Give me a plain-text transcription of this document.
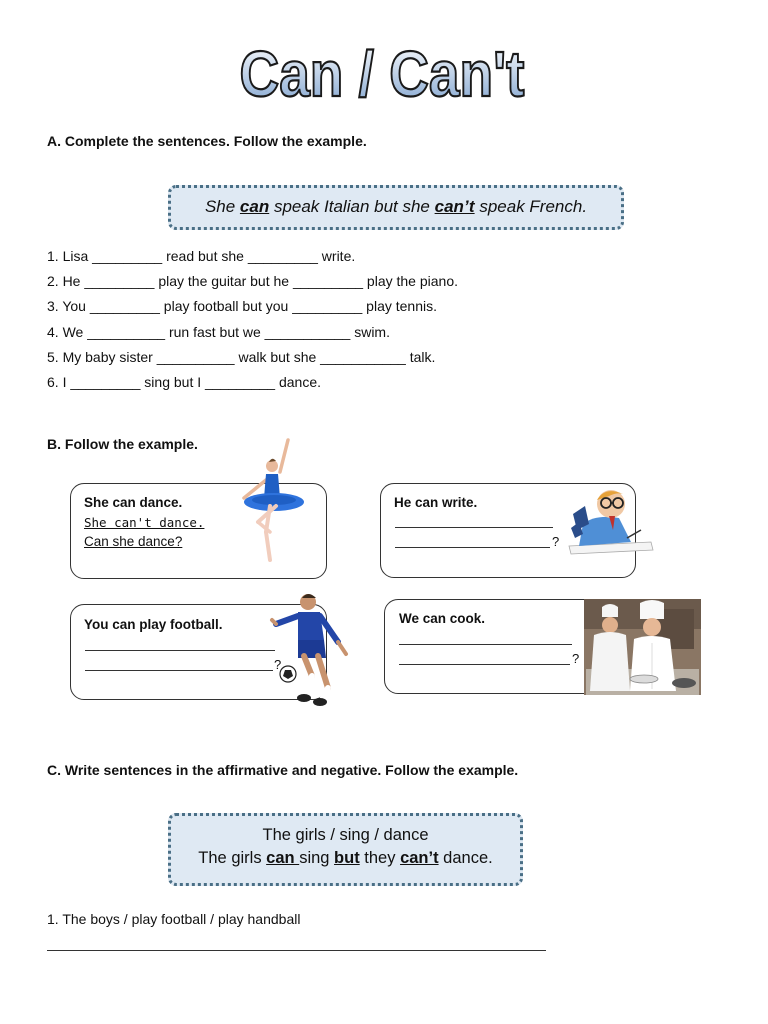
Can / Can't
A. Complete the sentences. Follow the example.
She can speak Italian but she can’t speak French.
1. Lisa _________ read but she _________ write.
2. He _________ play the guitar but he _________ play the piano.
3. You _________ play football but you _________ play tennis.
4. We __________ run fast but we ___________ swim.
5. My baby sister __________ walk but she ___________ talk.
6. I _________ sing but I _________ dance.
B. Follow the example.
She can dance.
She can't dance.
Can she dance?
He can write.
?
You can play football.
?
We can cook.
?
C. Write sentences in the affirmative and negative. Follow the example.
The girls / sing / dance
The girls can sing but they can’t dance.
1. The boys / play football / play handball
